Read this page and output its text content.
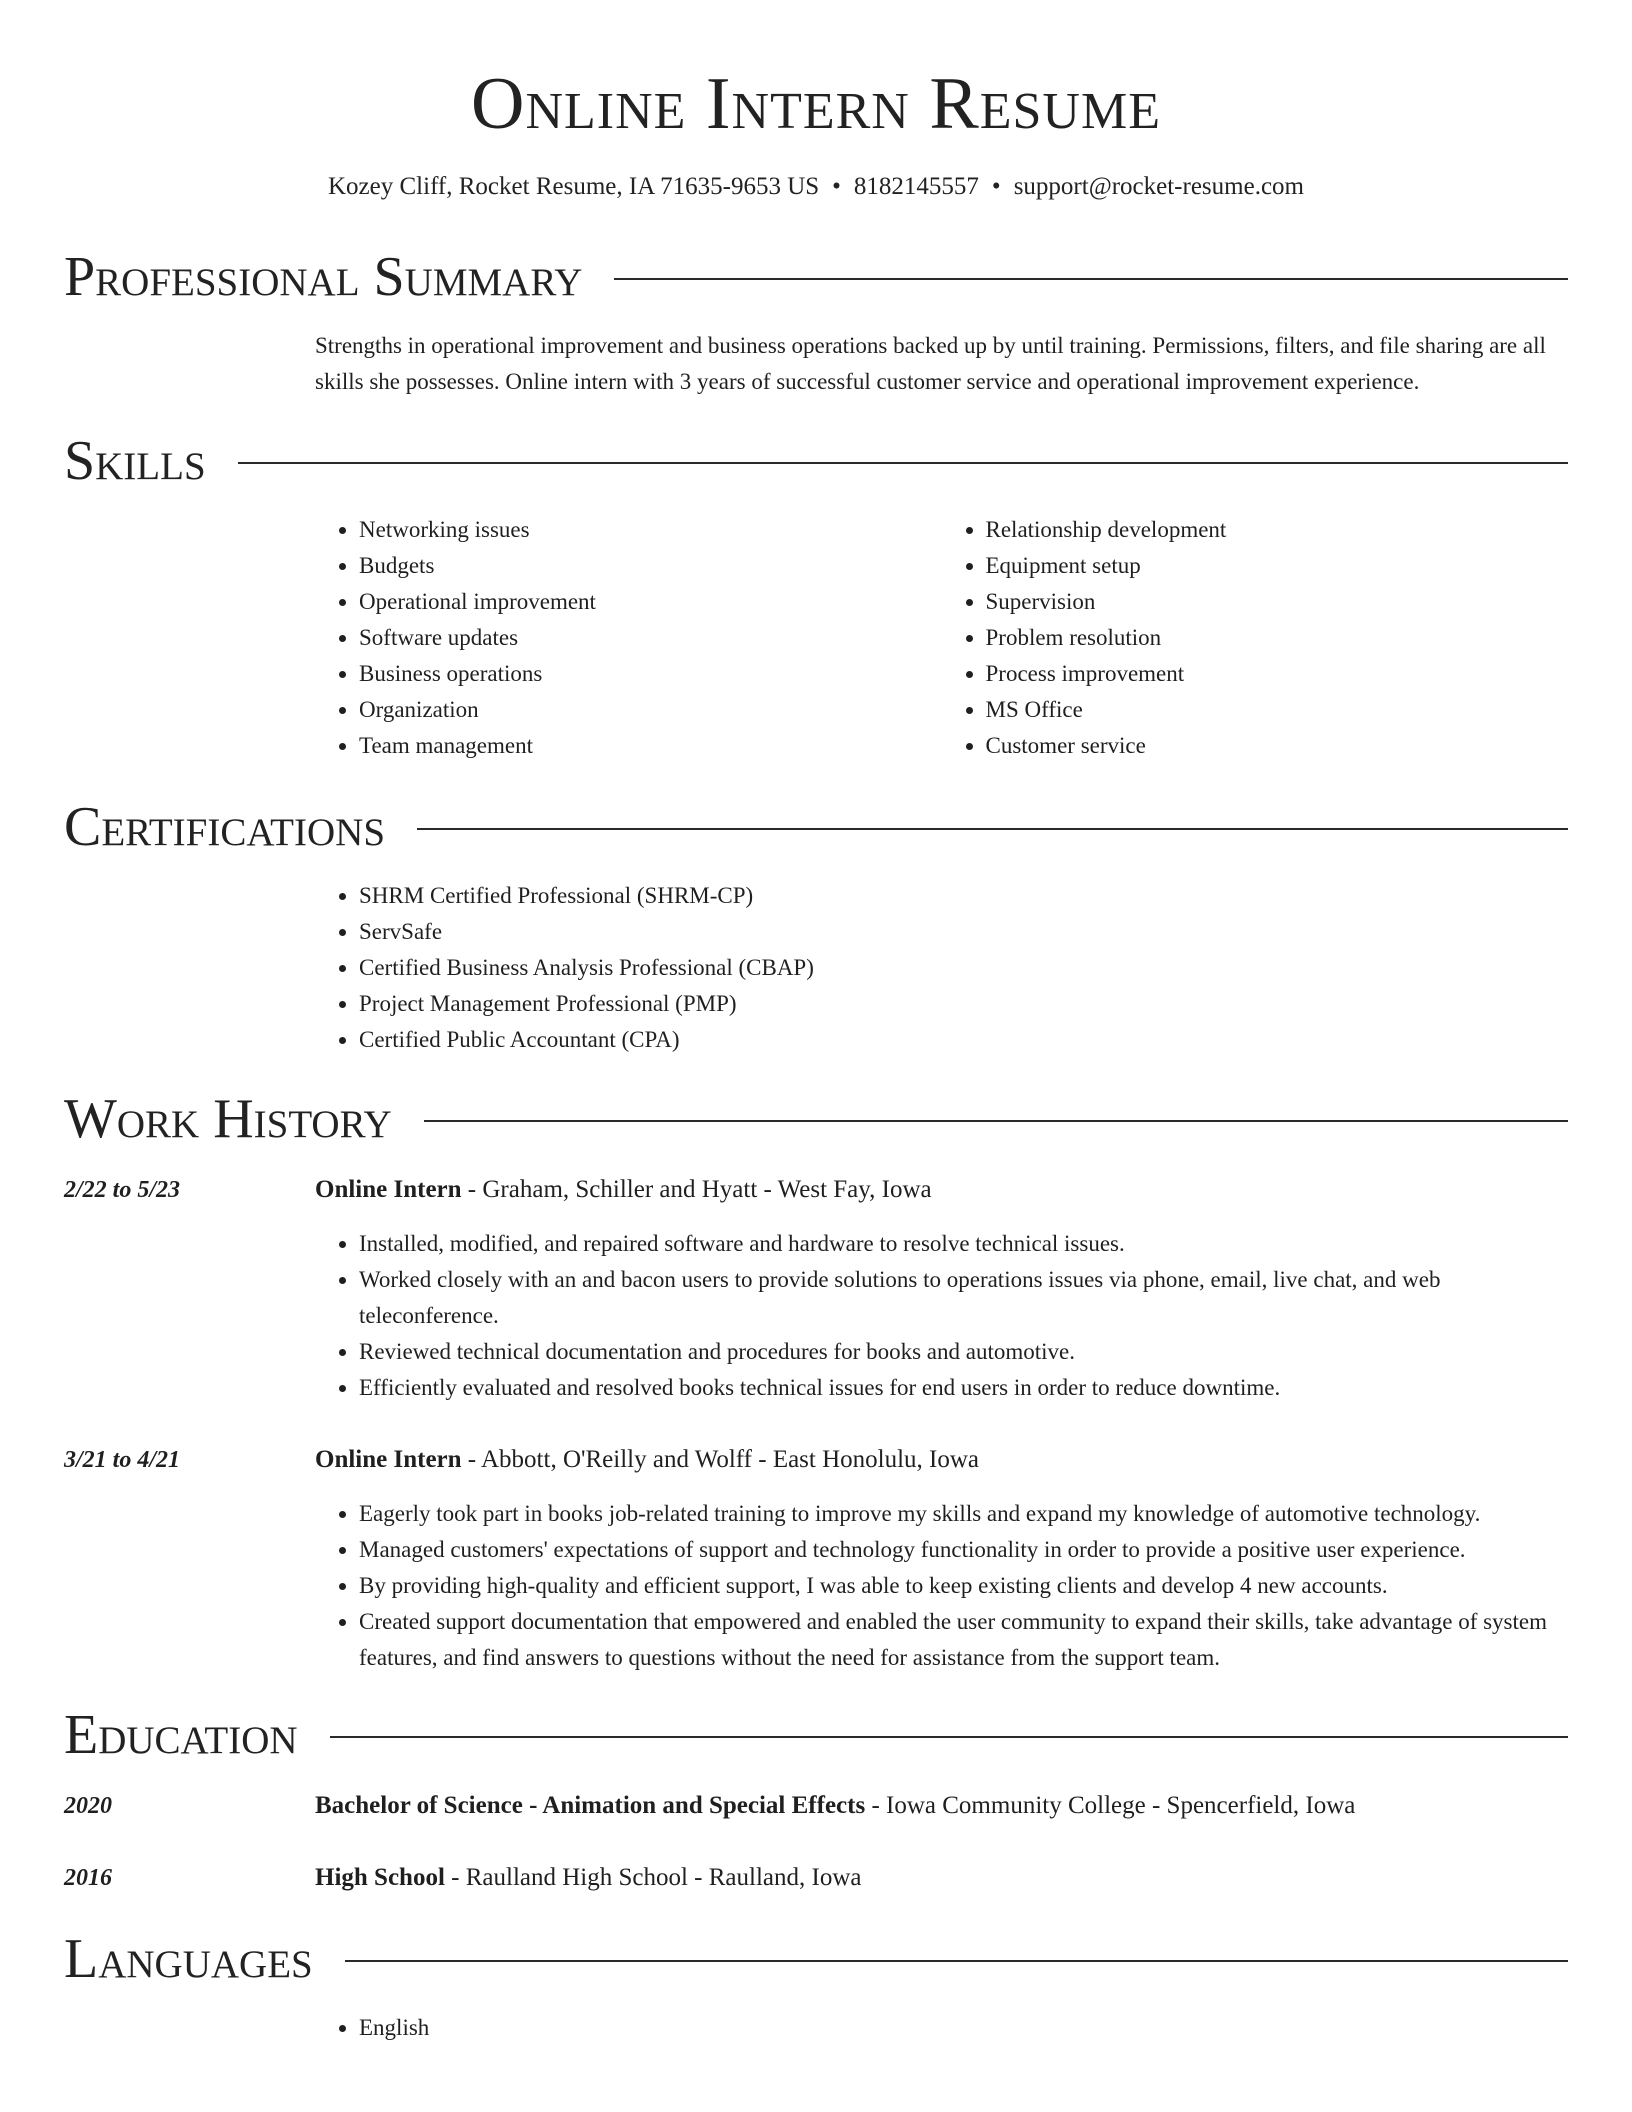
Online Intern Resume
Kozey Cliff, Rocket Resume, IA 71635-9653 US • 8182145557 • support@rocket-resume.com
Professional Summary

Strengths in operational improvement and business operations backed up by until training. Permissions, filters, and file sharing are all skills she possesses. Online intern with 3 years of successful customer service and operational improvement experience.

Skills
• Networking issues
• Budgets
• Operational improvement
• Software updates
• Business operations
• Organization
• Team management
• Relationship development
• Equipment setup
• Supervision
• Problem resolution
• Process improvement
• MS Office
• Customer service
Certifications
• SHRM Certified Professional (SHRM-CP)
• ServSafe
• Certified Business Analysis Professional (CBAP)
• Project Management Professional (PMP)
• Certified Public Accountant (CPA)
Work History
2/22 to 5/23	Online Intern - Graham, Schiller and Hyatt - West Fay, Iowa
• Installed, modified, and repaired software and hardware to resolve technical issues.
• Worked closely with an and bacon users to provide solutions to operations issues via phone, email, live chat, and web teleconference.
• Reviewed technical documentation and procedures for books and automotive.
• Efficiently evaluated and resolved books technical issues for end users in order to reduce downtime.
3/21 to 4/21	Online Intern - Abbott, O'Reilly and Wolff - East Honolulu, Iowa
• Eagerly took part in books job-related training to improve my skills and expand my knowledge of automotive technology.
• Managed customers' expectations of support and technology functionality in order to provide a positive user experience.
• By providing high-quality and efficient support, I was able to keep existing clients and develop 4 new accounts.
• Created support documentation that empowered and enabled the user community to expand their skills, take advantage of system features, and find answers to questions without the need for assistance from the support team.
Education
2020	Bachelor of Science - Animation and Special Effects - Iowa Community College - Spencerfield, Iowa
2016	High School - Raulland High School - Raulland, Iowa
Languages
• English
